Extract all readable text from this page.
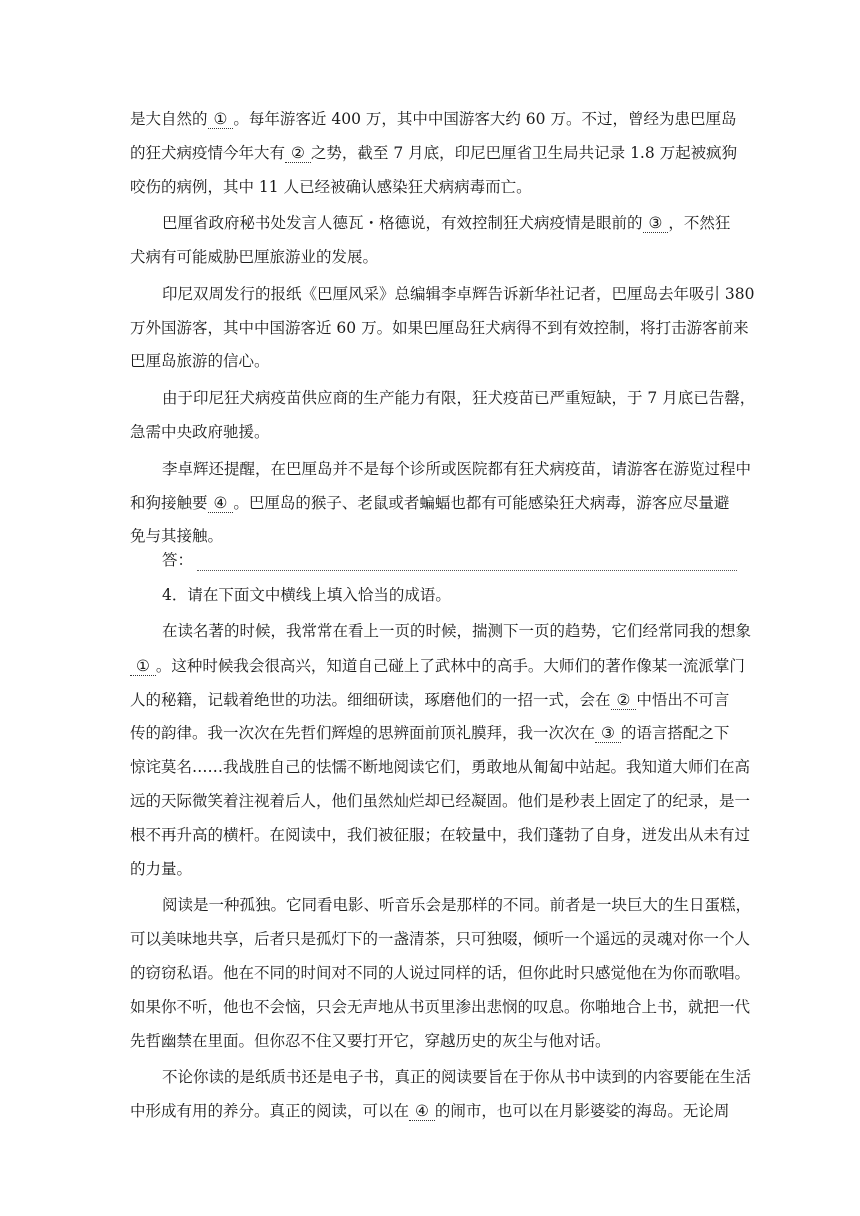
是大自然的 ① 。每年游客近 400 万，其中中国游客大约 60 万。不过，曾经为患巴厘岛
的狂犬病疫情今年大有 ② 之势，截至 7 月底，印尼巴厘省卫生局共记录 1.8 万起被疯狗
咬伤的病例，其中 11 人已经被确认感染狂犬病病毒而亡。
巴厘省政府秘书处发言人德瓦・格德说，有效控制狂犬病疫情是眼前的 ③ ，不然狂
犬病有可能威胁巴厘旅游业的发展。
印尼双周发行的报纸《巴厘风采》总编辑李卓辉告诉新华社记者，巴厘岛去年吸引 380
万外国游客，其中中国游客近 60 万。如果巴厘岛狂犬病得不到有效控制，将打击游客前来
巴厘岛旅游的信心。
由于印尼狂犬病疫苗供应商的生产能力有限，狂犬疫苗已严重短缺，于 7 月底已告罄，
急需中央政府驰援。
李卓辉还提醒，在巴厘岛并不是每个诊所或医院都有狂犬病疫苗，请游客在游览过程中
和狗接触要 ④ 。巴厘岛的猴子、老鼠或者蝙蝠也都有可能感染狂犬病毒，游客应尽量避
免与其接触。
答：
4．请在下面文中横线上填入恰当的成语。
在读名著的时候，我常常在看上一页的时候，揣测下一页的趋势，它们经常同我的想象
① 。这种时候我会很高兴，知道自己碰上了武林中的高手。大师们的著作像某一流派掌门
人的秘籍，记载着绝世的功法。细细研读，琢磨他们的一招一式，会在 ② 中悟出不可言
传的韵律。我一次次在先哲们辉煌的思辨面前顶礼膜拜，我一次次在 ③ 的语言搭配之下
惊诧莫名……我战胜自己的怯懦不断地阅读它们，勇敢地从匍匐中站起。我知道大师们在高
远的天际微笑着注视着后人，他们虽然灿烂却已经凝固。他们是秒表上固定了的纪录，是一
根不再升高的横杆。在阅读中，我们被征服；在较量中，我们蓬勃了自身，迸发出从未有过
的力量。
阅读是一种孤独。它同看电影、听音乐会是那样的不同。前者是一块巨大的生日蛋糕，
可以美味地共享，后者只是孤灯下的一盏清茶，只可独啜，倾听一个遥远的灵魂对你一个人
的窃窃私语。他在不同的时间对不同的人说过同样的话，但你此时只感觉他在为你而歌唱。
如果你不听，他也不会恼，只会无声地从书页里渗出悲悯的叹息。你啪地合上书，就把一代
先哲幽禁在里面。但你忍不住又要打开它，穿越历史的灰尘与他对话。
不论你读的是纸质书还是电子书，真正的阅读要旨在于你从书中读到的内容要能在生活
中形成有用的养分。真正的阅读，可以在 ④ 的闹市，也可以在月影婆娑的海岛。无论周
